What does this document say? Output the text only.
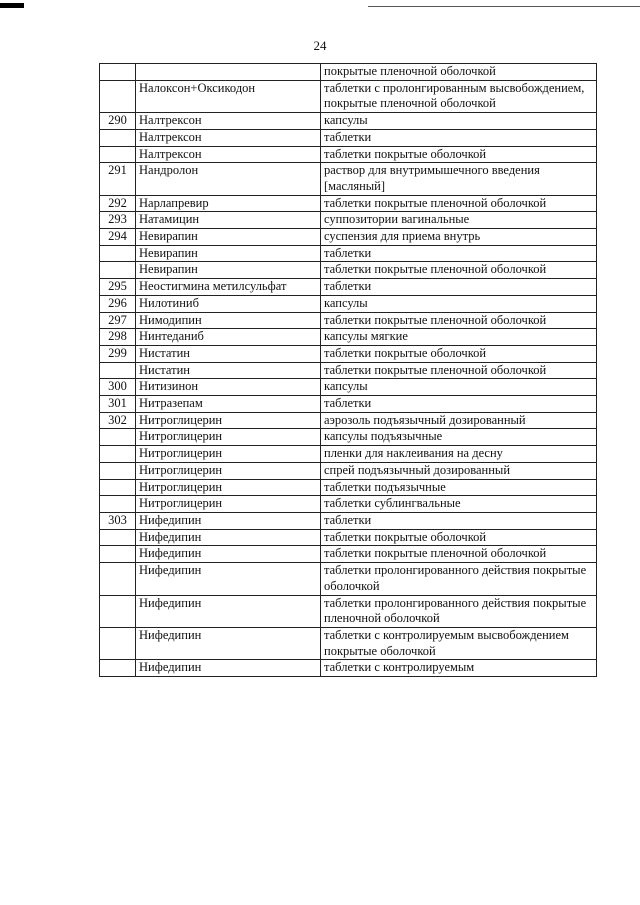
24
		покрытые пленочной оболочкой
	Налоксон+Оксикодон	таблетки с пролонгированным высвобождением, покрытые пленочной оболочкой
290	Налтрексон	капсулы
	Налтрексон	таблетки
	Налтрексон	таблетки покрытые оболочкой
291	Нандролон	раствор для внутримышечного введения [масляный]
292	Нарлапревир	таблетки покрытые пленочной оболочкой
293	Натамицин	суппозитории вагинальные
294	Невирапин	суспензия для приема внутрь
	Невирапин	таблетки
	Невирапин	таблетки покрытые пленочной оболочкой
295	Неостигмина метилсульфат	таблетки
296	Нилотиниб	капсулы
297	Нимодипин	таблетки покрытые пленочной оболочкой
298	Нинтеданиб	капсулы мягкие
299	Нистатин	таблетки покрытые оболочкой
	Нистатин	таблетки покрытые пленочной оболочкой
300	Нитизинон	капсулы
301	Нитразепам	таблетки
302	Нитроглицерин	аэрозоль подъязычный дозированный
	Нитроглицерин	капсулы подъязычные
	Нитроглицерин	пленки для наклеивания на десну
	Нитроглицерин	спрей подъязычный дозированный
	Нитроглицерин	таблетки подъязычные
	Нитроглицерин	таблетки сублингвальные
303	Нифедипин	таблетки
	Нифедипин	таблетки покрытые оболочкой
	Нифедипин	таблетки покрытые пленочной оболочкой
	Нифедипин	таблетки пролонгированного действия покрытые оболочкой
	Нифедипин	таблетки пролонгированного действия покрытые пленочной оболочкой
	Нифедипин	таблетки с контролируемым высвобождением покрытые оболочкой
	Нифедипин	таблетки с контролируемым
